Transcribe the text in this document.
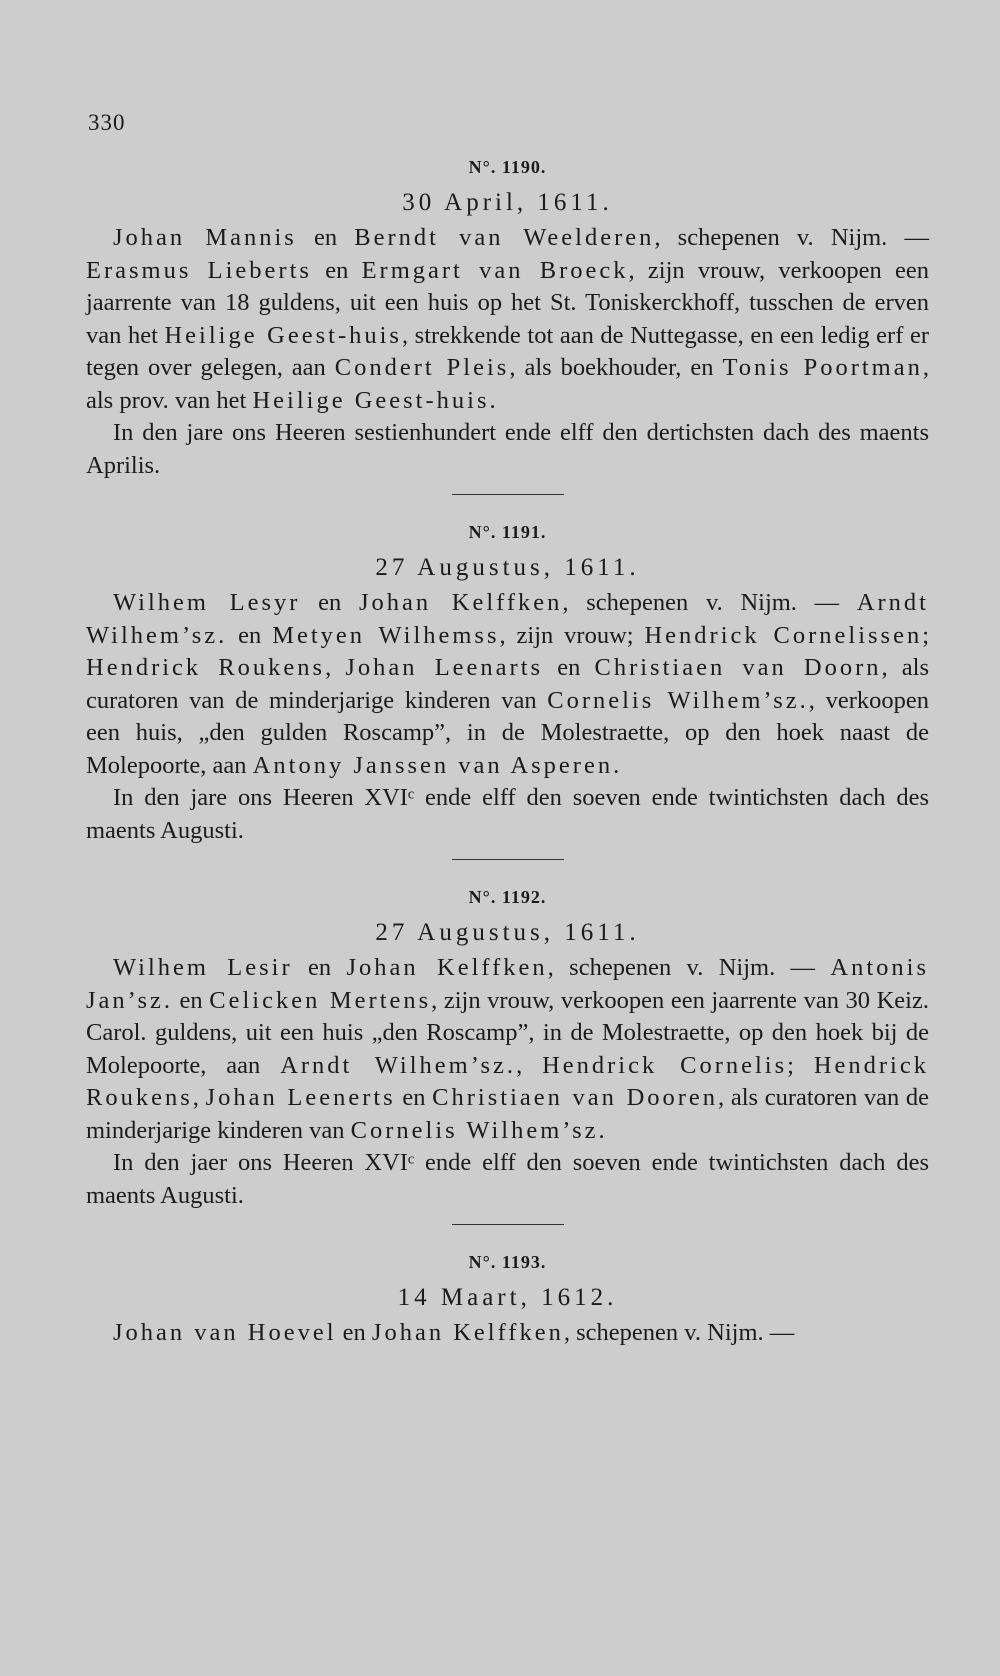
330
N°. 1190.
30 April, 1611.

Johan Mannis en Berndt van Weelderen, schepenen v. Nijm. — Erasmus Lieberts en Ermgart van Broeck, zijn vrouw, verkoopen een jaarrente van 18 guldens, uit een huis op het St. Toniskerckhoff, tusschen de erven van het Heilige Geest-huis, strekkende tot aan de Nuttegasse, en een ledig erf er tegen over gelegen, aan Condert Pleis, als boekhouder, en Tonis Poortman, als prov. van het Heilige Geest-huis.

In den jare ons Heeren sestienhundert ende elff den dertichsten dach des maents Aprilis.

N°. 1191.
27 Augustus, 1611.

Wilhem Lesyr en Johan Kelffken, schepenen v. Nijm. — Arndt Wilhem’sz. en Metyen Wilhemss, zijn vrouw; Hendrick Cornelissen; Hendrick Roukens, Johan Leenarts en Christiaen van Doorn, als curatoren van de minderjarige kinderen van Cornelis Wilhem’sz., verkoopen een huis, „den gulden Roscamp”, in de Molestraette, op den hoek naast de Molepoorte, aan Antony Janssen van Asperen.

In den jare ons Heeren XVIᶜ ende elff den soeven ende twintichsten dach des maents Augusti.

N°. 1192.
27 Augustus, 1611.

Wilhem Lesir en Johan Kelffken, schepenen v. Nijm. — Antonis Jan’sz. en Celicken Mertens, zijn vrouw, verkoopen een jaarrente van 30 Keiz. Carol. guldens, uit een huis „den Roscamp”, in de Molestraette, op den hoek bij de Molepoorte, aan Arndt Wilhem’sz., Hendrick Cornelis; Hendrick Roukens, Johan Leenerts en Christiaen van Dooren, als curatoren van de minderjarige kinderen van Cornelis Wilhem’sz.

In den jaer ons Heeren XVIᶜ ende elff den soeven ende twintichsten dach des maents Augusti.

N°. 1193.
14 Maart, 1612.

Johan van Hoevel en Johan Kelffken, schepenen v. Nijm. —
